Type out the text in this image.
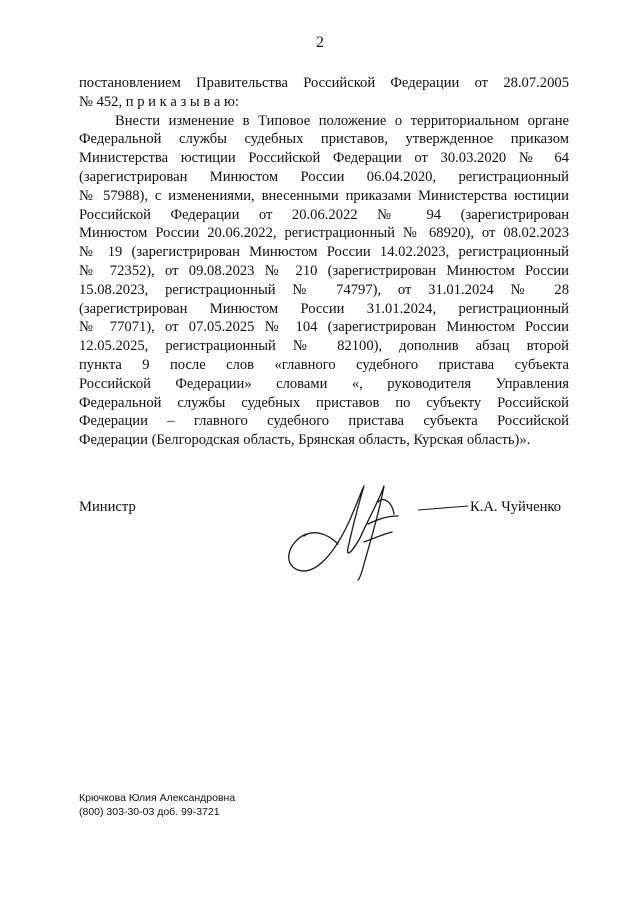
2
постановлением Правительства Российской Федерации от 28.07.2005
№ 452, п р и к а з ы в а ю:
Внести изменение в Типовое положение о территориальном органе
Федеральной службы судебных приставов, утвержденное приказом
Министерства юстиции Российской Федерации от 30.03.2020 № 64
(зарегистрирован Минюстом России 06.04.2020, регистрационный
№ 57988), с изменениями, внесенными приказами Министерства юстиции
Российской Федерации от 20.06.2022 № 94 (зарегистрирован
Минюстом России 20.06.2022, регистрационный № 68920), от 08.02.2023
№ 19 (зарегистрирован Минюстом России 14.02.2023, регистрационный
№ 72352), от 09.08.2023 № 210 (зарегистрирован Минюстом России
15.08.2023, регистрационный № 74797), от 31.01.2024 № 28
(зарегистрирован Минюстом России 31.01.2024, регистрационный
№ 77071), от 07.05.2025 № 104 (зарегистрирован Минюстом России
12.05.2025, регистрационный № 82100), дополнив абзац второй
пункта 9 после слов «главного судебного пристава субъекта
Российской Федерации» словами «, руководителя Управления
Федеральной службы судебных приставов по субъекту Российской
Федерации – главного судебного пристава субъекта Российской
Федерации (Белгородская область, Брянская область, Курская область)».
Министр	К.А. Чуйченко
Крючкова Юлия Александровна
(800) 303-30-03 доб. 99-3721
